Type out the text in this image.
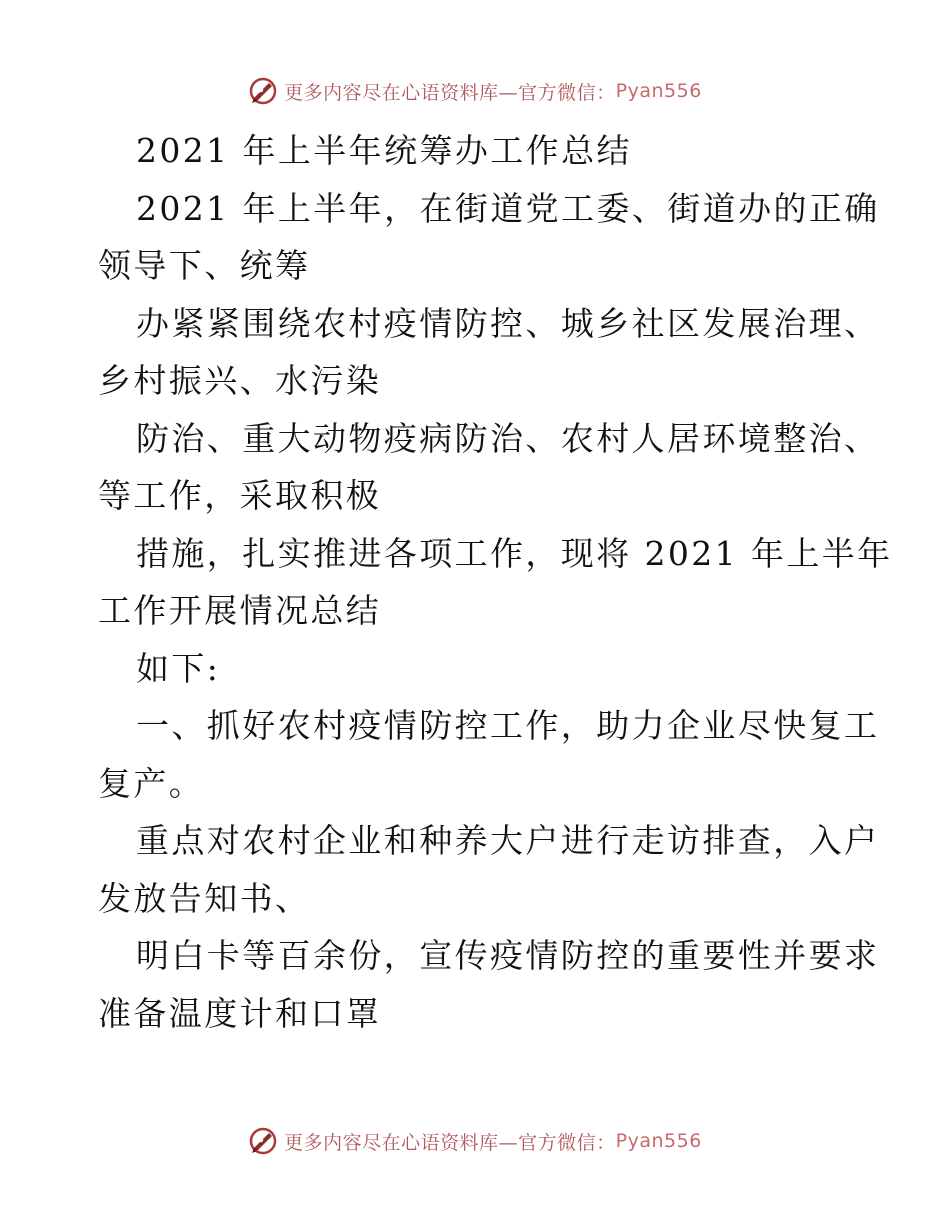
更多内容尽在心语资料库—官方微信： Pyan556
2021 年上半年统筹办工作总结
2021 年上半年，在街道党工委、街道办的正确
领导下、统筹
办紧紧围绕农村疫情防控、城乡社区发展治理、
乡村振兴、水污染
防治、重大动物疫病防治、农村人居环境整治、
等工作，采取积极
措施，扎实推进各项工作，现将 2021 年上半年
工作开展情况总结
如下:
一、抓好农村疫情防控工作，助力企业尽快复工
复产。
重点对农村企业和种养大户进行走访排查，入户
发放告知书、
明白卡等百余份，宣传疫情防控的重要性并要求
准备温度计和口罩
更多内容尽在心语资料库—官方微信： Pyan556
